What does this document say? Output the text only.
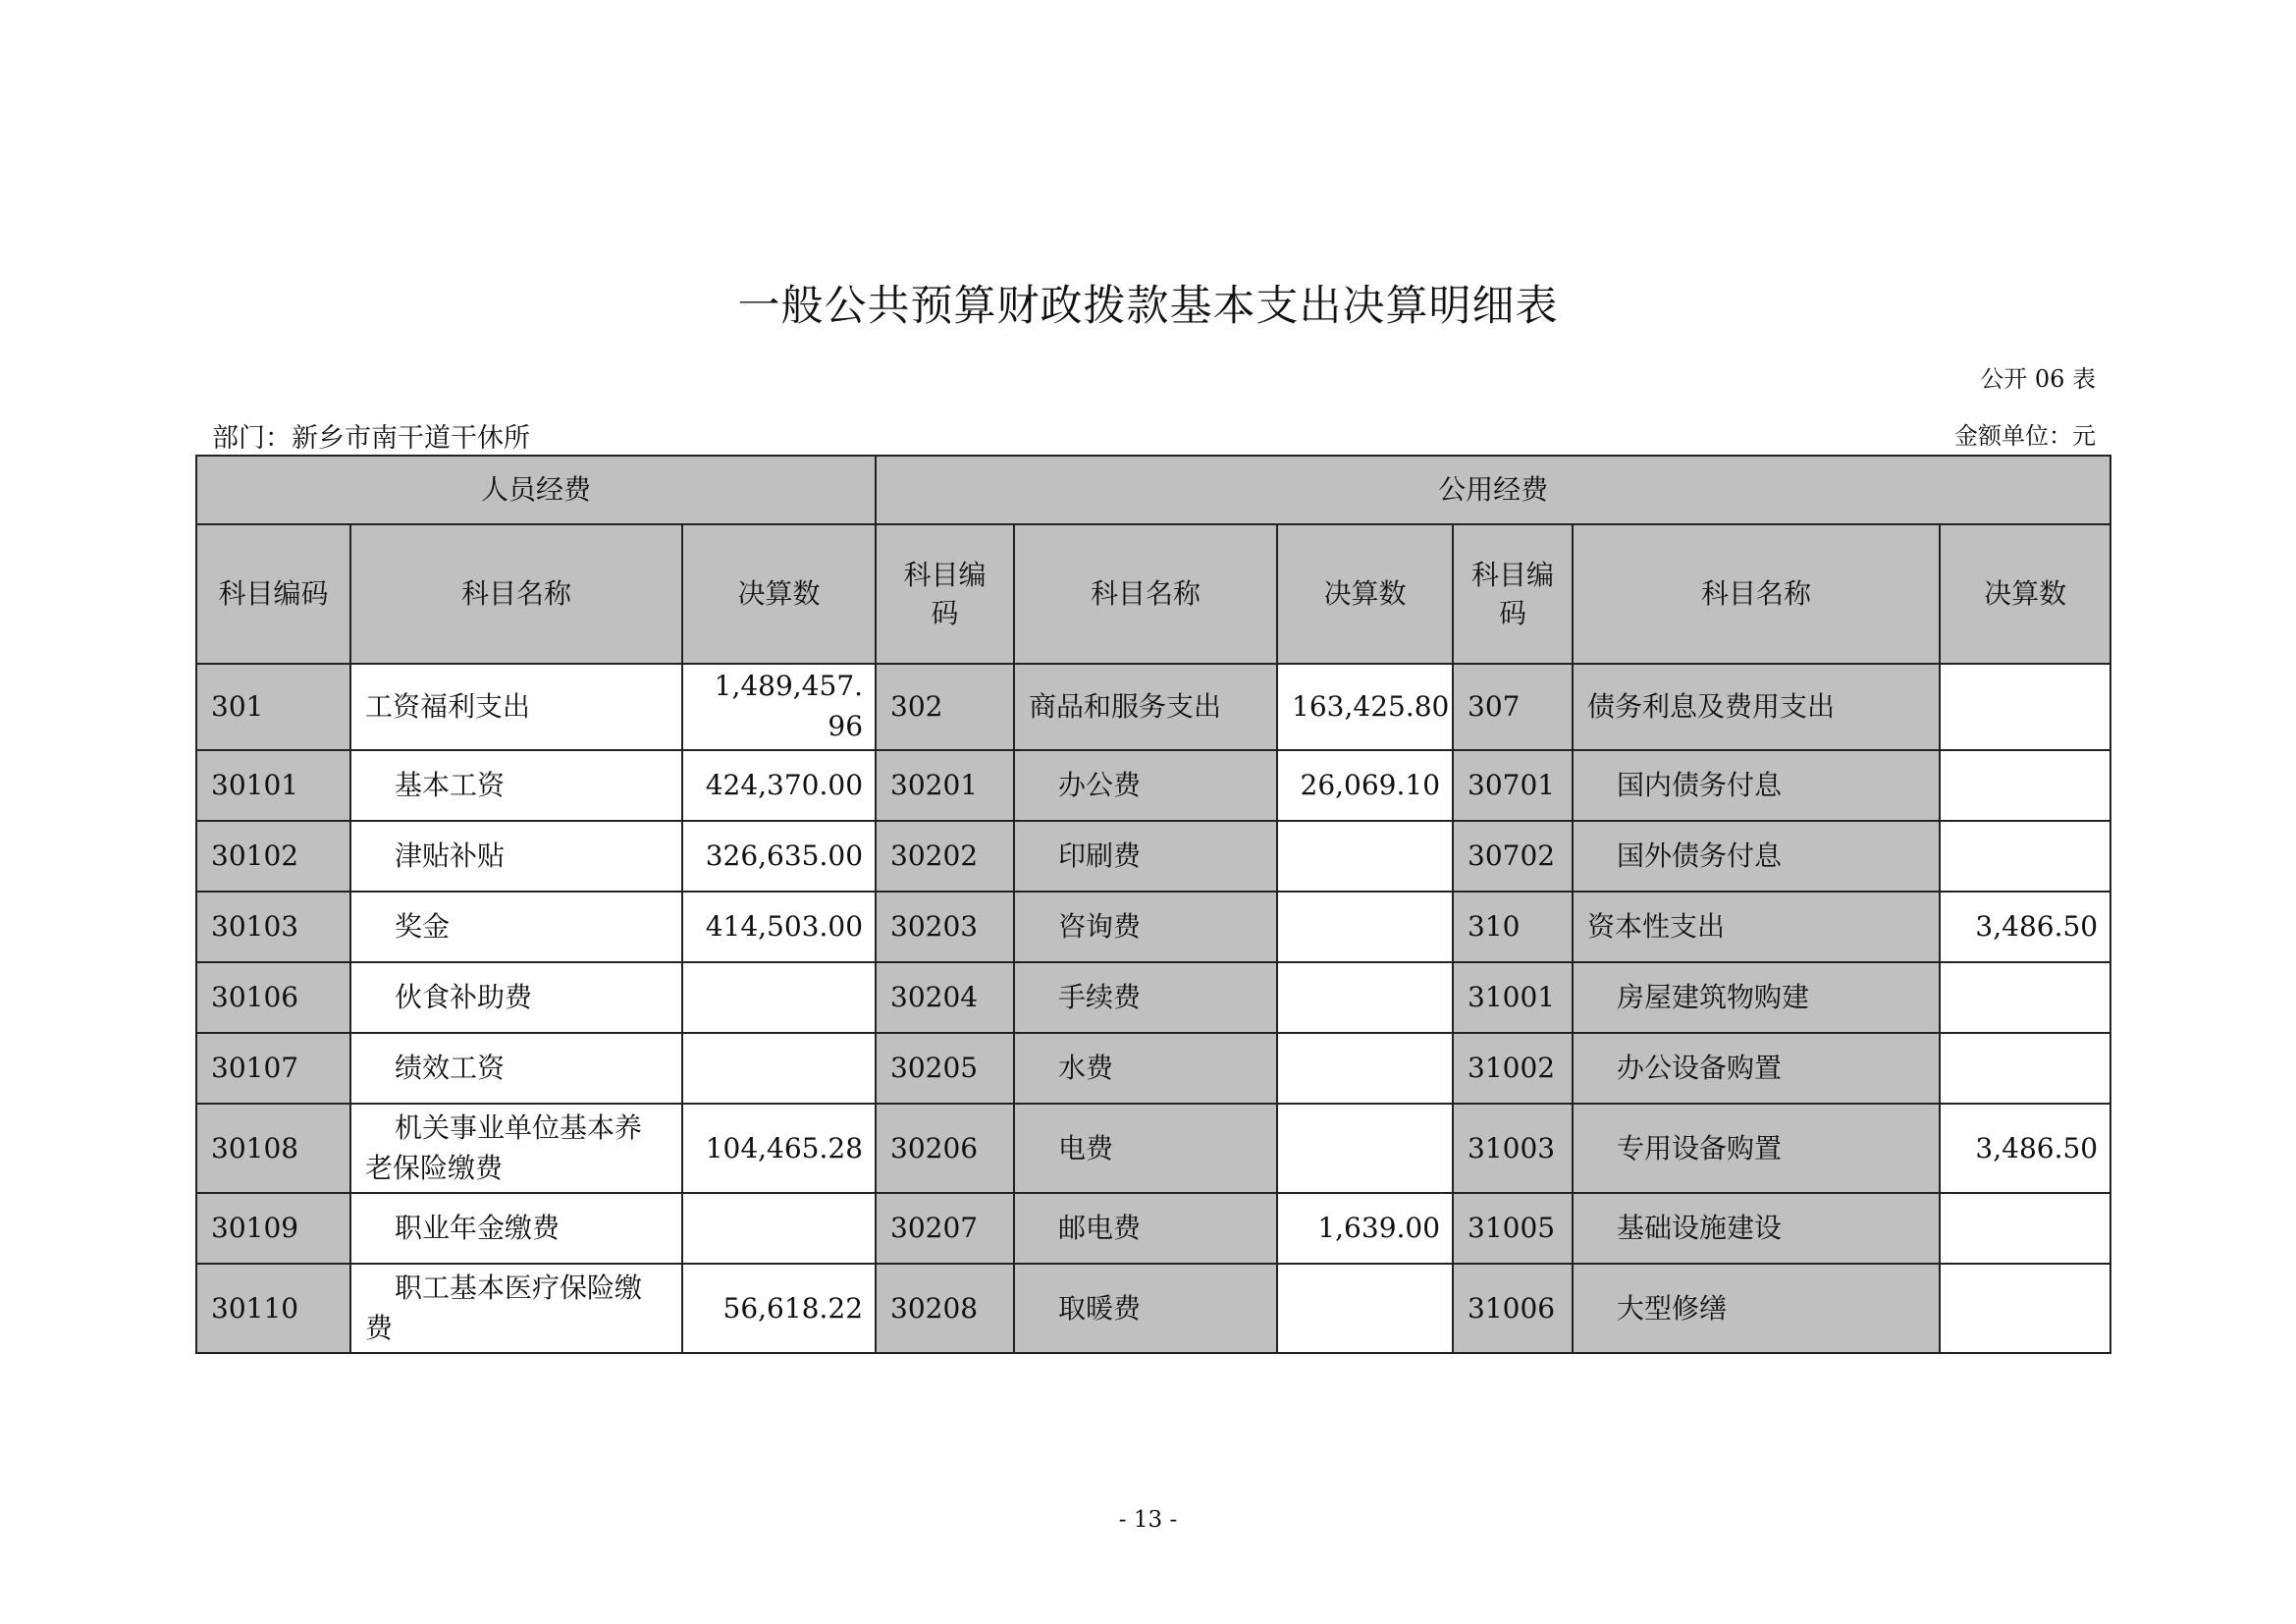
一般公共预算财政拨款基本支出决算明细表
公开 06 表
部门：新乡市南干道干休所	金额单位：元
人员经费			公用经费					
科目编码	科目名称	决算数	科目编码	科目名称	决算数	科目编码	科目名称	决算数
301	工资福利支出	1,489,457.96	302	商品和服务支出	163,425.80	307	债务利息及费用支出	
30101	基本工资	424,370.00	30201	办公费	26,069.10	30701	国内债务付息	
30102	津贴补贴	326,635.00	30202	印刷费		30702	国外债务付息	
30103	奖金	414,503.00	30203	咨询费		310	资本性支出	3,486.50
30106	伙食补助费		30204	手续费		31001	房屋建筑物购建	
30107	绩效工资		30205	水费		31002	办公设备购置	
30108	机关事业单位基本养老保险缴费	104,465.28	30206	电费		31003	专用设备购置	3,486.50
30109	职业年金缴费		30207	邮电费	1,639.00	31005	基础设施建设	
30110	职工基本医疗保险缴费	56,618.22	30208	取暖费		31006	大型修缮	
- 13 -
